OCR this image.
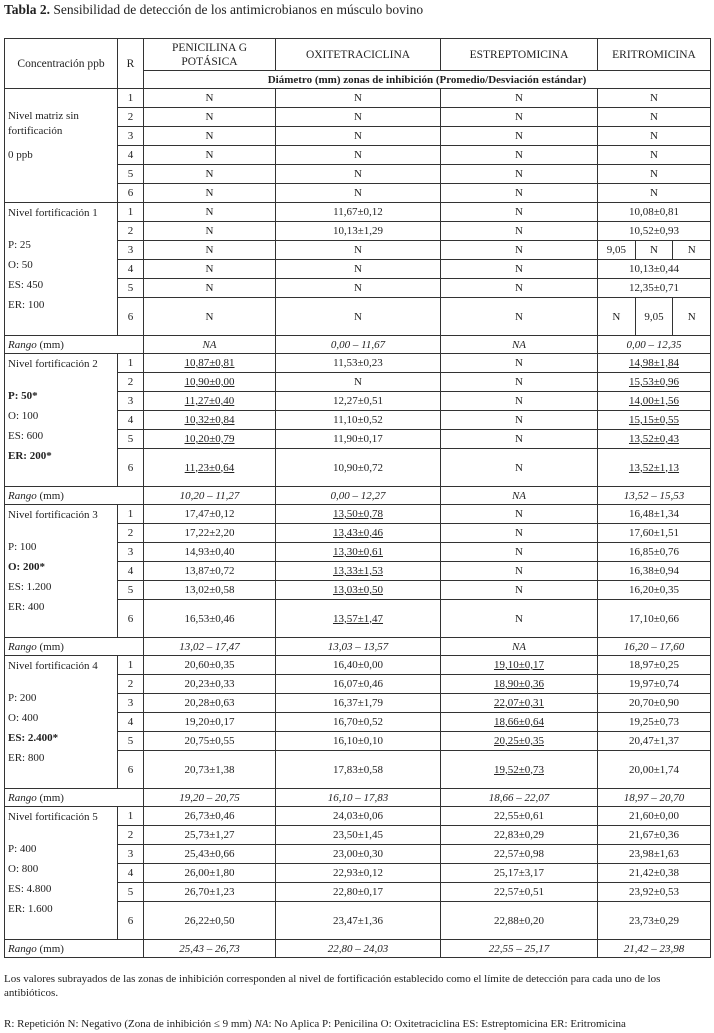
Tabla 2. Sensibilidad de detección de los antimicrobianos en músculo bovino
Concentración ppb	R	PENICILINA G POTÁSICA	OXITETRACICLINA	ESTREPTOMICINA	ERITROMICINA
		Diámetro (mm) zonas de inhibición (Promedio/Desviación estándar)			

Nivel matriz sin fortificación
0 ppb	1	N	N	N	N
	2	N	N	N	N
	3	N	N	N	N
	4	N	N	N	N
	5	N	N	N	N
	6	N	N	N	N

Nivel fortificación 1
P: 25
O: 50
ES: 450
ER: 100	1	N	11,67±0,12	N	10,08±0,81
	2	N	10,13±1,29	N	10,52±0,93
	3	N	N	N	9,05 N N

	4	N	N	N	10,13±0,44
	5	N	N	N	12,35±0,71
	6	N	N	N	N 9,05 N

Rango (mm)		NA	0,00 – 11,67	NA	0,00 – 12,35

Nivel fortificación 2
P: 50*
O: 100
ES: 600
ER: 200*	1	10,87±0,81	11,53±0,23	N	14,98±1,84
	2	10,90±0,00	N	N	15,53±0,96
	3	11,27±0,40	12,27±0,51	N	14,00±1,56
	4	10,32±0,84	11,10±0,52	N	15,15±0,55
	5	10,20±0,79	11,90±0,17	N	13,52±0,43
	6	11,23±0,64	10,90±0,72	N	13,52±1,13
Rango (mm)		10,20 – 11,27	0,00 – 12,27	NA	13,52 – 15,53

Nivel fortificación 3
P: 100
O: 200*
ES: 1.200
ER: 400	1	17,47±0,12	13,50±0,78	N	16,48±1,34
	2	17,22±2,20	13,43±0,46	N	17,60±1,51
	3	14,93±0,40	13,30±0,61	N	16,85±0,76
	4	13,87±0,72	13,33±1,53	N	16,38±0,94
	5	13,02±0,58	13,03±0,50	N	16,20±0,35
	6	16,53±0,46	13,57±1,47	N	17,10±0,66
Rango (mm)		13,02 – 17,47	13,03 – 13,57	NA	16,20 – 17,60

Nivel fortificación 4
P: 200
O: 400
ES: 2.400*
ER: 800	1	20,60±0,35	16,40±0,00	19,10±0,17	18,97±0,25
	2	20,23±0,33	16,07±0,46	18,90±0,36	19,97±0,74
	3	20,28±0,63	16,37±1,79	22,07±0,31	20,70±0,90
	4	19,20±0,17	16,70±0,52	18,66±0,64	19,25±0,73
	5	20,75±0,55	16,10±0,10	20,25±0,35	20,47±1,37
	6	20,73±1,38	17,83±0,58	19,52±0,73	20,00±1,74
Rango (mm)		19,20 – 20,75	16,10 – 17,83	18,66 – 22,07	18,97 – 20,70

Nivel fortificación 5
P: 400
O: 800
ES: 4.800
ER: 1.600	1	26,73±0,46	24,03±0,06	22,55±0,61	21,60±0,00
	2	25,73±1,27	23,50±1,45	22,83±0,29	21,67±0,36
	3	25,43±0,66	23,00±0,30	22,57±0,98	23,98±1,63
	4	26,00±1,80	22,93±0,12	25,17±3,17	21,42±0,38
	5	26,70±1,23	22,80±0,17	22,57±0,51	23,92±0,53
	6	26,22±0,50	23,47±1,36	22,88±0,20	23,73±0,29
Rango (mm)		25,43 – 26,73	22,80 – 24,03	22,55 – 25,17	21,42 – 23,98
Los valores subrayados de las zonas de inhibición corresponden al nivel de fortificación establecido como el límite de detección para cada uno de los antibióticos.
R: Repetición N: Negativo (Zona de inhibición ≤ 9 mm) NA: No Aplica P: Penicilina O: Oxitetraciclina ES: Estreptomicina ER: Eritromicina
